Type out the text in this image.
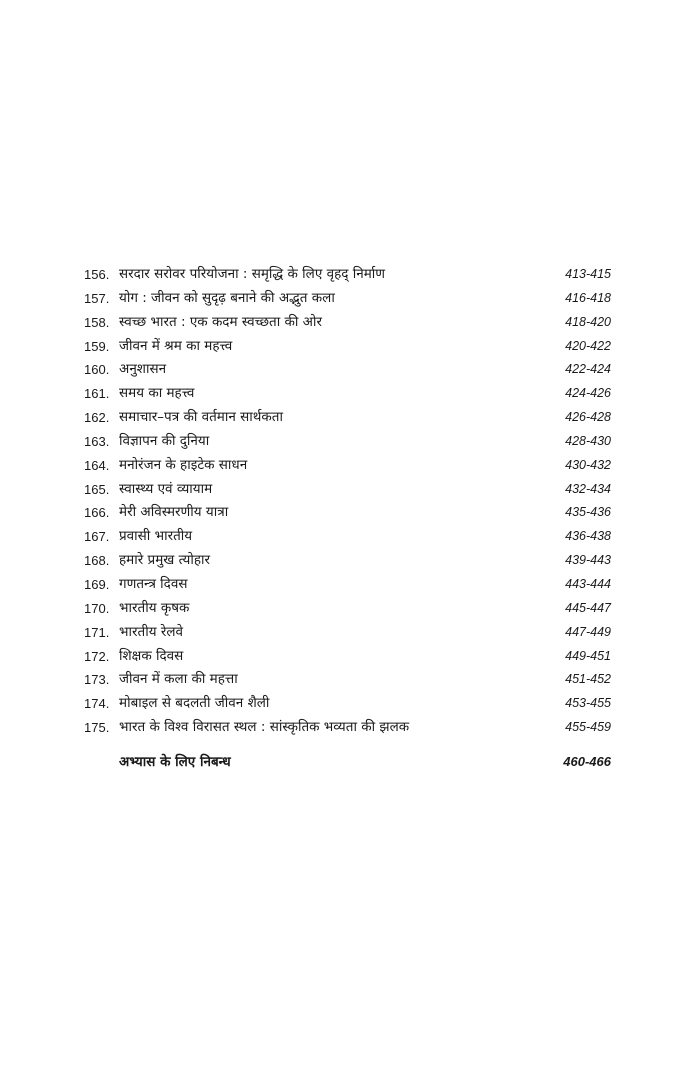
156. सरदार सरोवर परियोजना : समृद्धि के लिए वृहद् निर्माण	413-415
157. योग : जीवन को सुदृढ़ बनाने की अद्भुत कला	416-418
158. स्वच्छ भारत : एक कदम स्वच्छता की ओर	418-420
159. जीवन में श्रम का महत्त्व	420-422
160. अनुशासन	422-424
161. समय का महत्त्व	424-426
162. समाचार–पत्र की वर्तमान सार्थकता	426-428
163. विज्ञापन की दुनिया	428-430
164. मनोरंजन के हाइटेक साधन	430-432
165. स्वास्थ्य एवं व्यायाम	432-434
166. मेरी अविस्मरणीय यात्रा	435-436
167. प्रवासी भारतीय	436-438
168. हमारे प्रमुख त्योहार	439-443
169. गणतन्त्र दिवस	443-444
170. भारतीय कृषक	445-447
171. भारतीय रेलवे	447-449
172. शिक्षक दिवस	449-451
173. जीवन में कला की महत्ता	451-452
174. मोबाइल से बदलती जीवन शैली	453-455
175. भारत के विश्व विरासत स्थल : सांस्कृतिक भव्यता की झलक	455-459
अभ्यास के लिए निबन्ध	460-466
